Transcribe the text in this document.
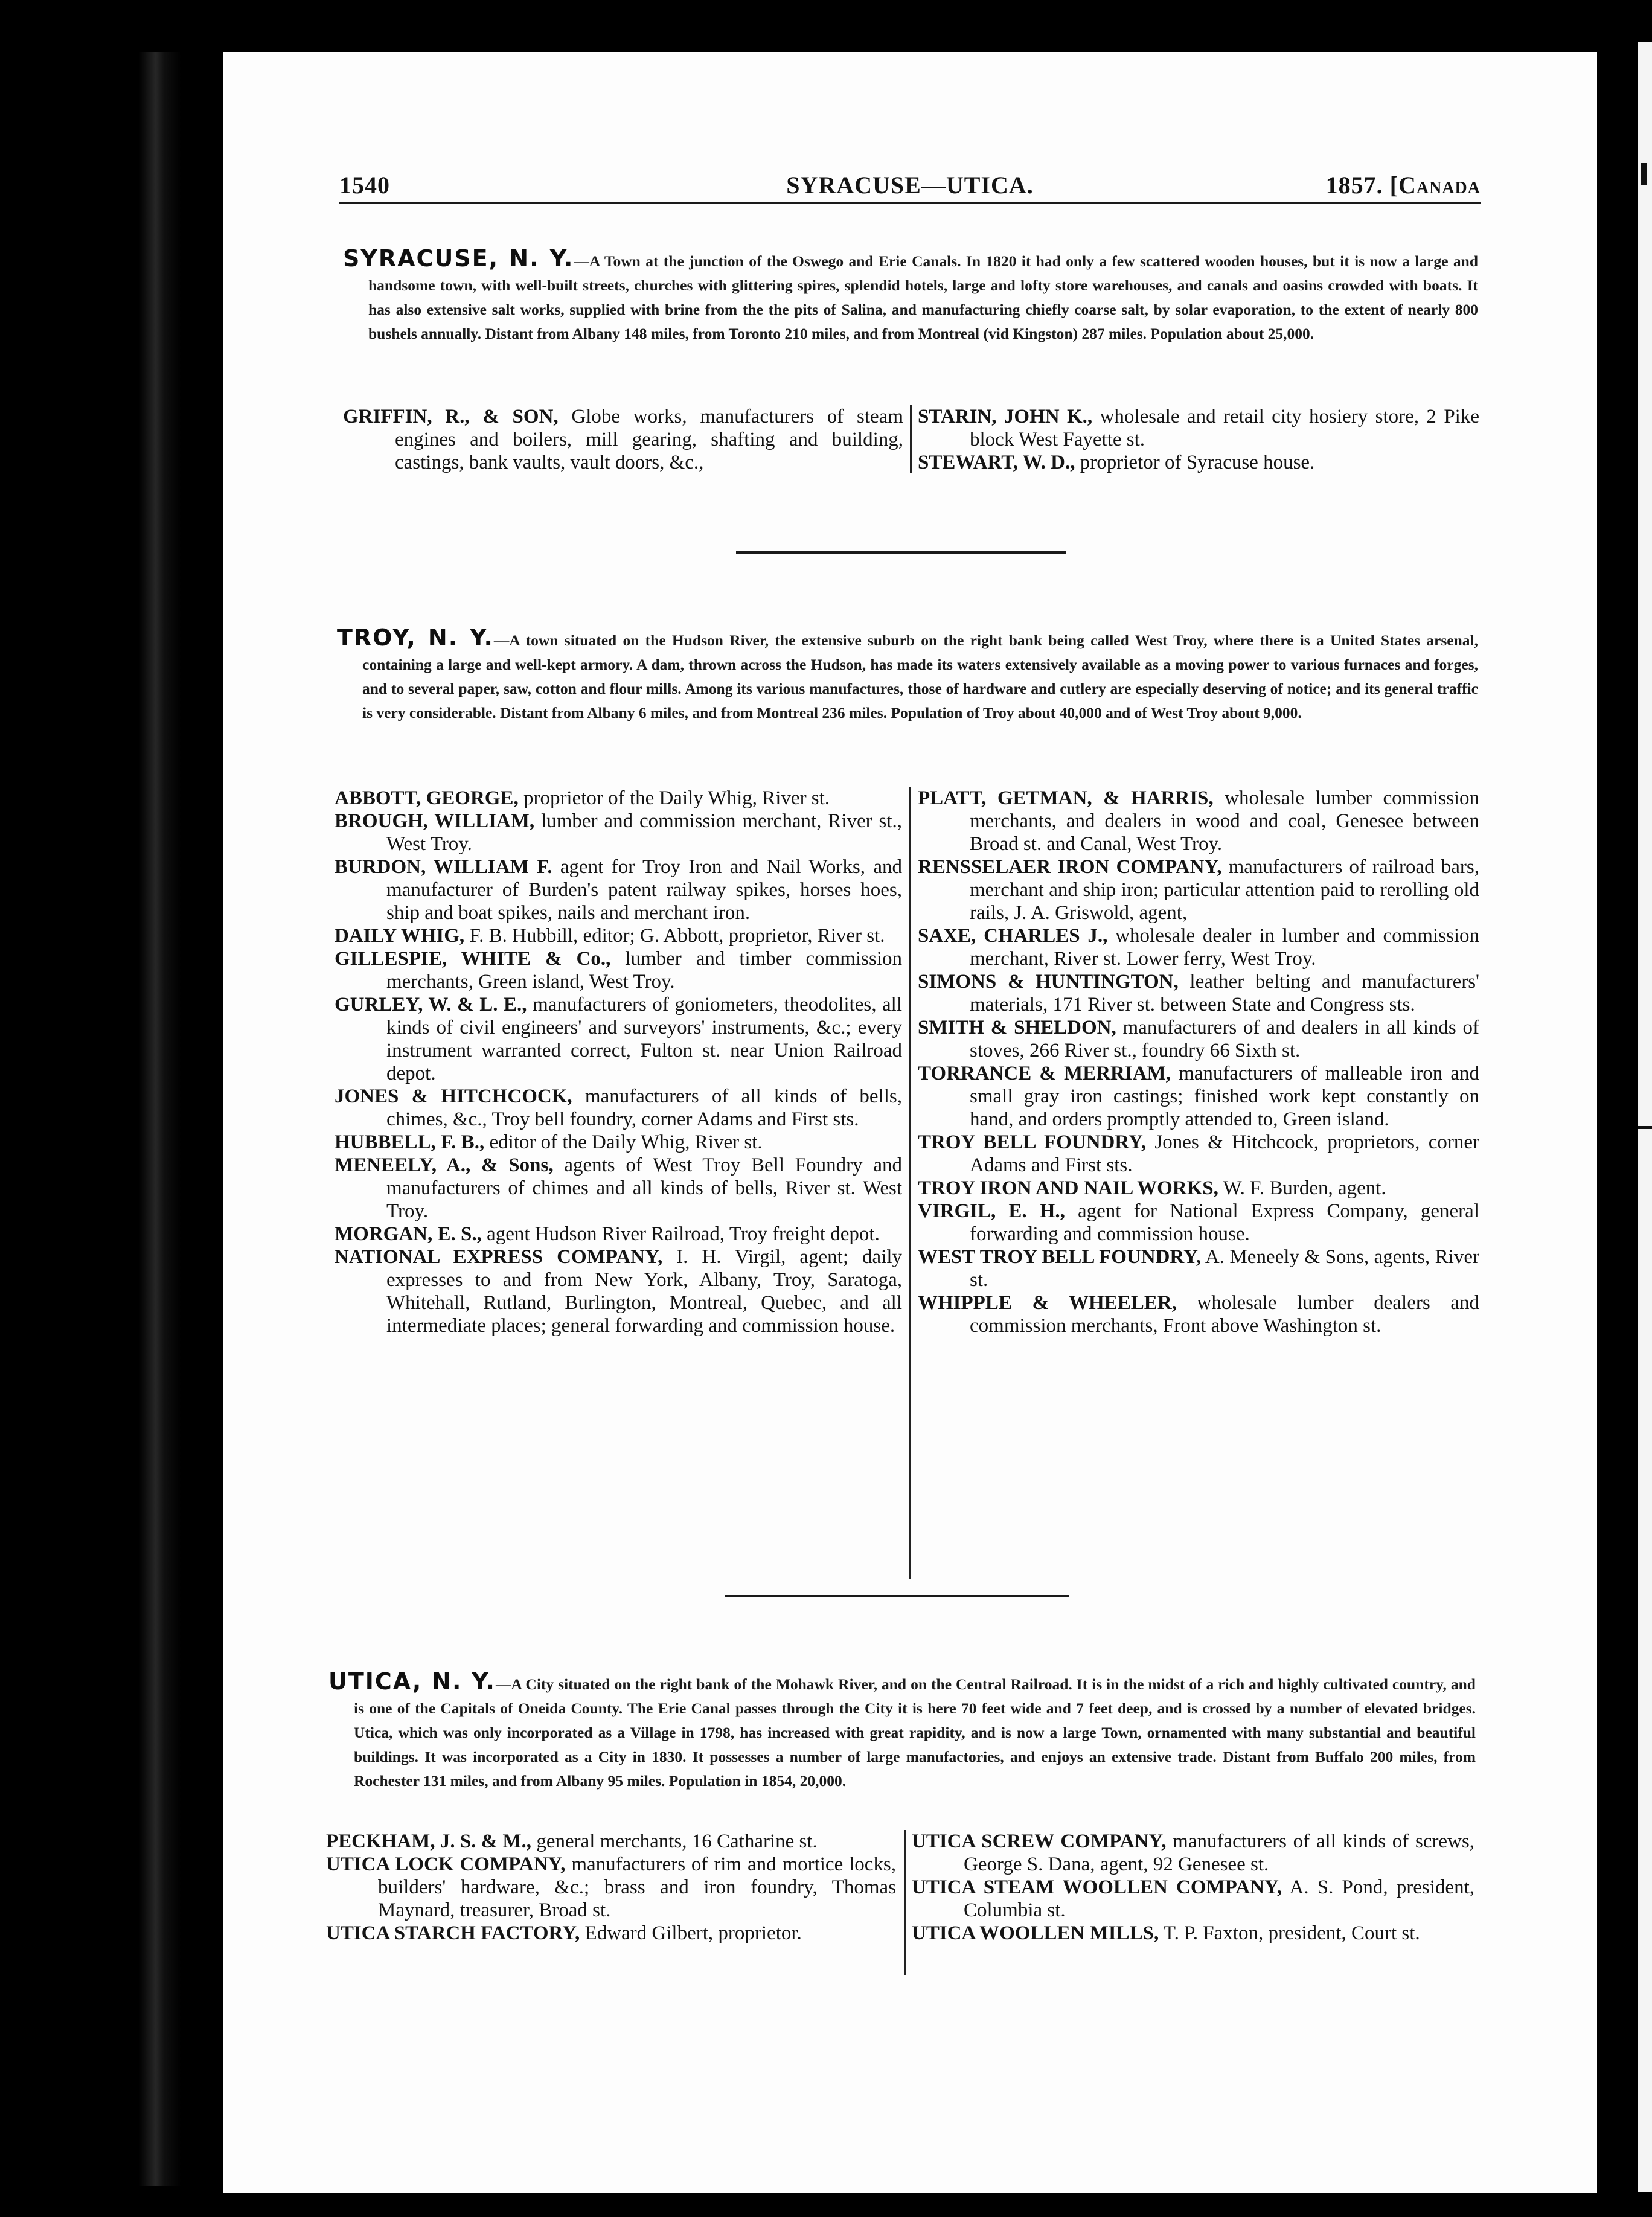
1540	SYRACUSE—UTICA.	1857. [Canada

SYRACUSE, N. Y.—A Town at the junction of the Oswego and Erie Canals. In 1820 it had only a few scattered wooden houses, but it is now a large and handsome town, with well-built streets, churches with glittering spires, splendid hotels, large and lofty store warehouses, and canals and oasins crowded with boats. It has also extensive salt works, supplied with brine from the the pits of Salina, and manufacturing chiefly coarse salt, by solar evaporation, to the extent of nearly 800 bushels annually. Distant from Albany 148 miles, from Toronto 210 miles, and from Montreal (vid Kingston) 287 miles. Population about 25,000.

GRIFFIN, R., & SON, Globe works, manufacturers of steam engines and boilers, mill gearing, shafting and building, castings, bank vaults, vault doors, &c.,

STARIN, JOHN K., wholesale and retail city hosiery store, 2 Pike block West Fayette st.

STEWART, W. D., proprietor of Syracuse house.

TROY, N. Y.—A town situated on the Hudson River, the extensive suburb on the right bank being called West Troy, where there is a United States arsenal, containing a large and well-kept armory. A dam, thrown across the Hudson, has made its waters extensively available as a moving power to various furnaces and forges, and to several paper, saw, cotton and flour mills. Among its various manufactures, those of hardware and cutlery are especially deserving of notice; and its general traffic is very considerable. Distant from Albany 6 miles, and from Montreal 236 miles. Population of Troy about 40,000 and of West Troy about 9,000.

ABBOTT, GEORGE, proprietor of the Daily Whig, River st.

BROUGH, WILLIAM, lumber and commission merchant, River st., West Troy.

BURDON, WILLIAM F. agent for Troy Iron and Nail Works, and manufacturer of Burden's patent railway spikes, horses hoes, ship and boat spikes, nails and merchant iron.

DAILY WHIG, F. B. Hubbill, editor; G. Abbott, proprietor, River st.

GILLESPIE, WHITE & Co., lumber and timber commission merchants, Green island, West Troy.

GURLEY, W. & L. E., manufacturers of goniometers, theodolites, all kinds of civil engineers' and surveyors' instruments, &c.; every instrument warranted correct, Fulton st. near Union Railroad depot.

JONES & HITCHCOCK, manufacturers of all kinds of bells, chimes, &c., Troy bell foundry, corner Adams and First sts.

HUBBELL, F. B., editor of the Daily Whig, River st.

MENEELY, A., & Sons, agents of West Troy Bell Foundry and manufacturers of chimes and all kinds of bells, River st. West Troy.

MORGAN, E. S., agent Hudson River Railroad, Troy freight depot.

NATIONAL EXPRESS COMPANY, I. H. Virgil, agent; daily expresses to and from New York, Albany, Troy, Saratoga, Whitehall, Rutland, Burlington, Montreal, Quebec, and all intermediate places; general forwarding and commission house.

PLATT, GETMAN, & HARRIS, wholesale lumber commission merchants, and dealers in wood and coal, Genesee between Broad st. and Canal, West Troy.

RENSSELAER IRON COMPANY, manufacturers of railroad bars, merchant and ship iron; particular attention paid to rerolling old rails, J. A. Griswold, agent,

SAXE, CHARLES J., wholesale dealer in lumber and commission merchant, River st. Lower ferry, West Troy.

SIMONS & HUNTINGTON, leather belting and manufacturers' materials, 171 River st. between State and Congress sts.

SMITH & SHELDON, manufacturers of and dealers in all kinds of stoves, 266 River st., foundry 66 Sixth st.

TORRANCE & MERRIAM, manufacturers of malleable iron and small gray iron castings; finished work kept constantly on hand, and orders promptly attended to, Green island.

TROY BELL FOUNDRY, Jones & Hitchcock, proprietors, corner Adams and First sts.

TROY IRON AND NAIL WORKS, W. F. Burden, agent.

VIRGIL, E. H., agent for National Express Company, general forwarding and commission house.

WEST TROY BELL FOUNDRY, A. Meneely & Sons, agents, River st.

WHIPPLE & WHEELER, wholesale lumber dealers and commission merchants, Front above Washington st.

UTICA, N. Y.—A City situated on the right bank of the Mohawk River, and on the Central Railroad. It is in the midst of a rich and highly cultivated country, and is one of the Capitals of Oneida County. The Erie Canal passes through the City it is here 70 feet wide and 7 feet deep, and is crossed by a number of elevated bridges. Utica, which was only incorporated as a Village in 1798, has increased with great rapidity, and is now a large Town, ornamented with many substantial and beautiful buildings. It was incorporated as a City in 1830. It possesses a number of large manufactories, and enjoys an extensive trade. Distant from Buffalo 200 miles, from Rochester 131 miles, and from Albany 95 miles. Population in 1854, 20,000.

PECKHAM, J. S. & M., general merchants, 16 Catharine st.

UTICA LOCK COMPANY, manufacturers of rim and mortice locks, builders' hardware, &c.; brass and iron foundry, Thomas Maynard, treasurer, Broad st.

UTICA STARCH FACTORY, Edward Gilbert, proprietor.

UTICA SCREW COMPANY, manufacturers of all kinds of screws, George S. Dana, agent, 92 Genesee st.

UTICA STEAM WOOLLEN COMPANY, A. S. Pond, president, Columbia st.

UTICA WOOLLEN MILLS, T. P. Faxton, president, Court st.
